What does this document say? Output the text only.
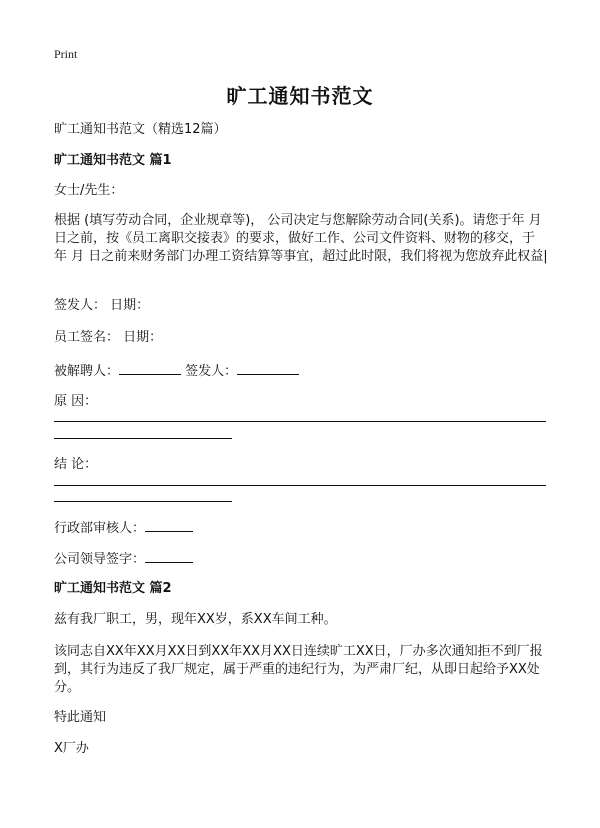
Print
旷工通知书范文
旷工通知书范文（精选12篇）
旷工通知书范文 篇1
女士/先生：
根据 (填写劳动合同，企业规章等)， 公司决定与您解除劳动合同(关系)。请您于年 月 日之前，按《员工离职交接表》的要求，做好工作、公司文件资料、财物的移交，于 年 月 日之前来财务部门办理工资结算等事宜，超过此时限，我们将视为您放弃此权益|
签发人： 日期：
员工签名： 日期：
被解聘人：	签发人：
原 因：
结 论：
行政部审核人：
公司领导签字：
旷工通知书范文 篇2
兹有我厂职工，男，现年XX岁，系XX车间工种。
该同志自XX年XX月XX日到XX年XX月XX日连续旷工XX日，厂办多次通知拒不到厂报到，其行为违反了我厂规定，属于严重的违纪行为，为严肃厂纪，从即日起给予XX处分。
特此通知
X厂办
